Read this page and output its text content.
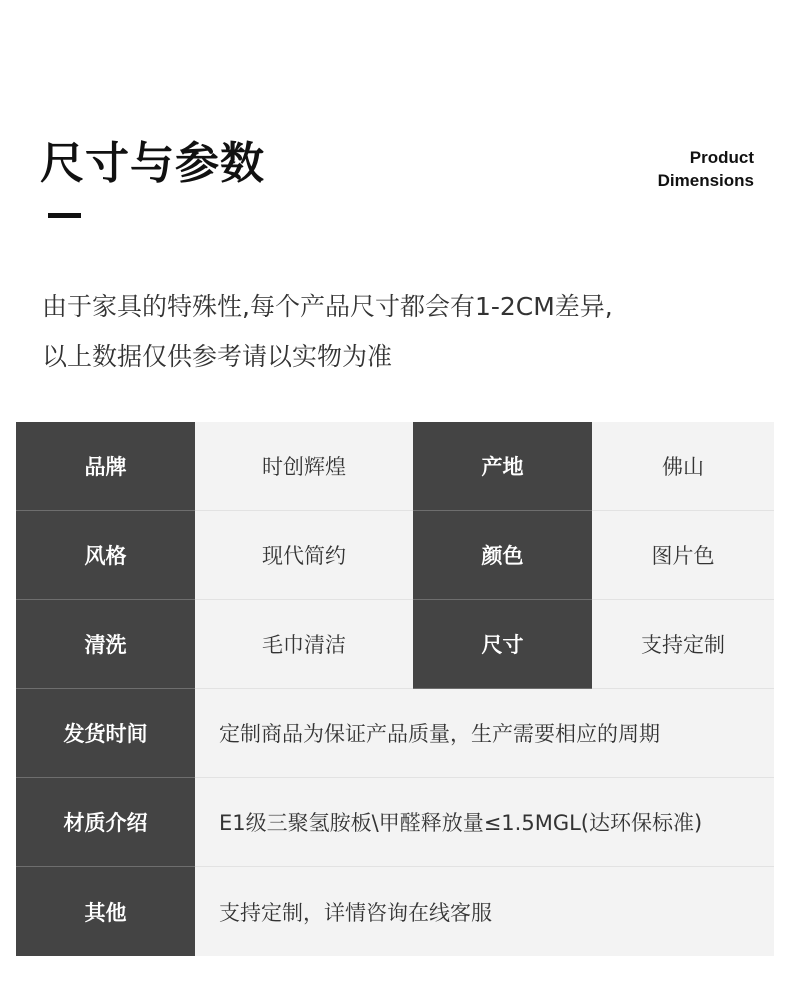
尺寸与参数	Product
Dimensions
由于家具的特殊性,每个产品尺寸都会有1-2CM差异,
以上数据仅供参考请以实物为准
品牌	时创辉煌	产地	佛山
风格	现代简约	颜色	图片色
清洗	毛巾清洁	尺寸	支持定制
发货时间	定制商品为保证产品质量，生产需要相应的周期
材质介绍	E1级三聚氢胺板\甲醛释放量≤1.5MGL(达环保标准)
其他	支持定制，详情咨询在线客服
